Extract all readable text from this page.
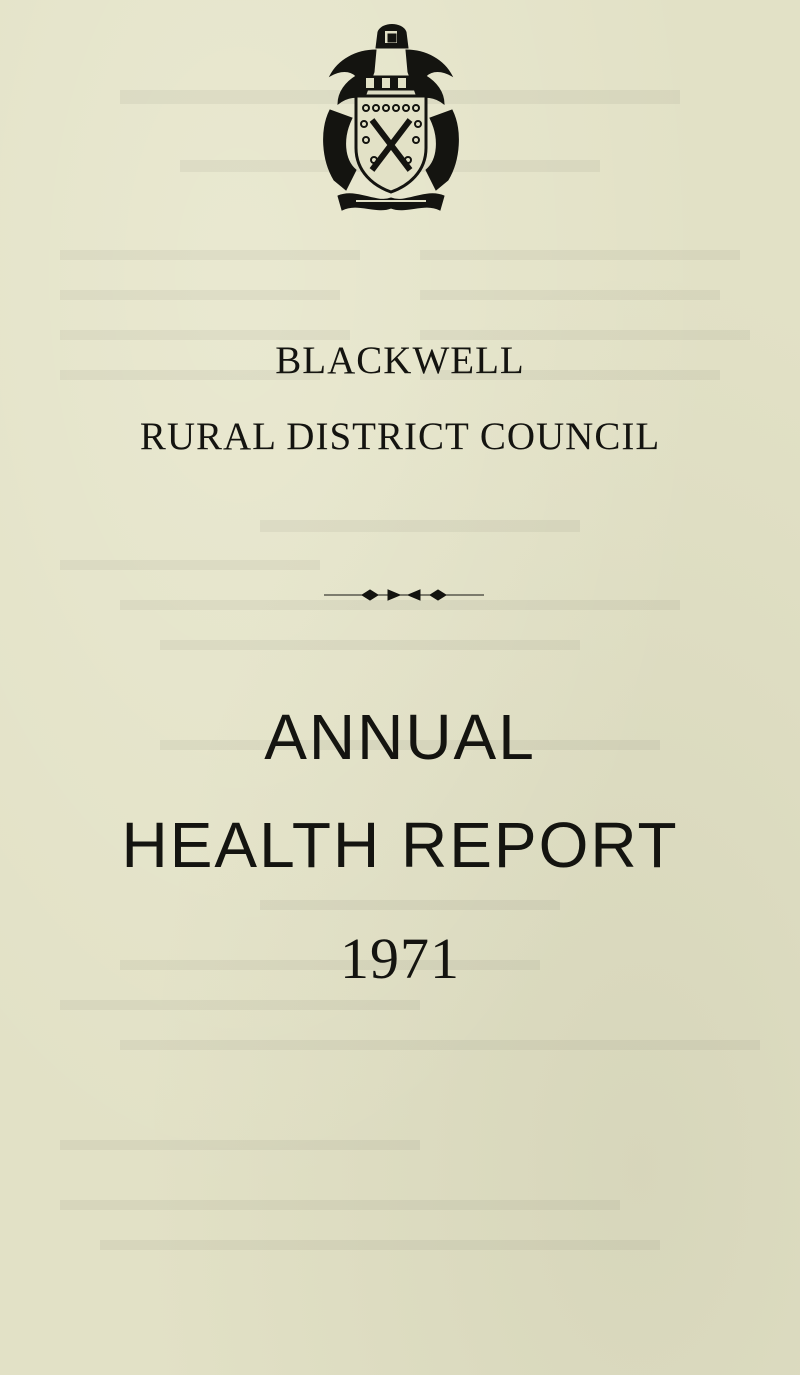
BLACKWELL
RURAL DISTRICT COUNCIL
ANNUAL
HEALTH REPORT
1971
